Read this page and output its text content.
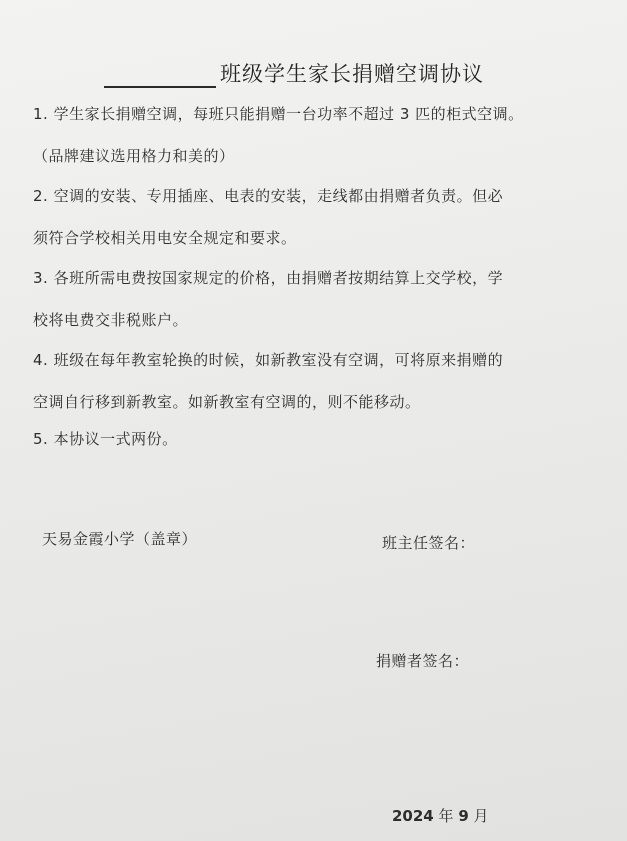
班级学生家长捐赠空调协议
1. 学生家长捐赠空调，每班只能捐赠一台功率不超过 3 匹的柜式空调。
（品牌建议选用格力和美的）
2. 空调的安装、专用插座、电表的安装，走线都由捐赠者负责。但必
须符合学校相关用电安全规定和要求。
3. 各班所需电费按国家规定的价格，由捐赠者按期结算上交学校，学
校将电费交非税账户。
4. 班级在每年教室轮换的时候，如新教室没有空调，可将原来捐赠的
空调自行移到新教室。如新教室有空调的，则不能移动。
5. 本协议一式两份。
天易金霞小学（盖章）	班主任签名：
捐赠者签名：
2024 年 9 月
